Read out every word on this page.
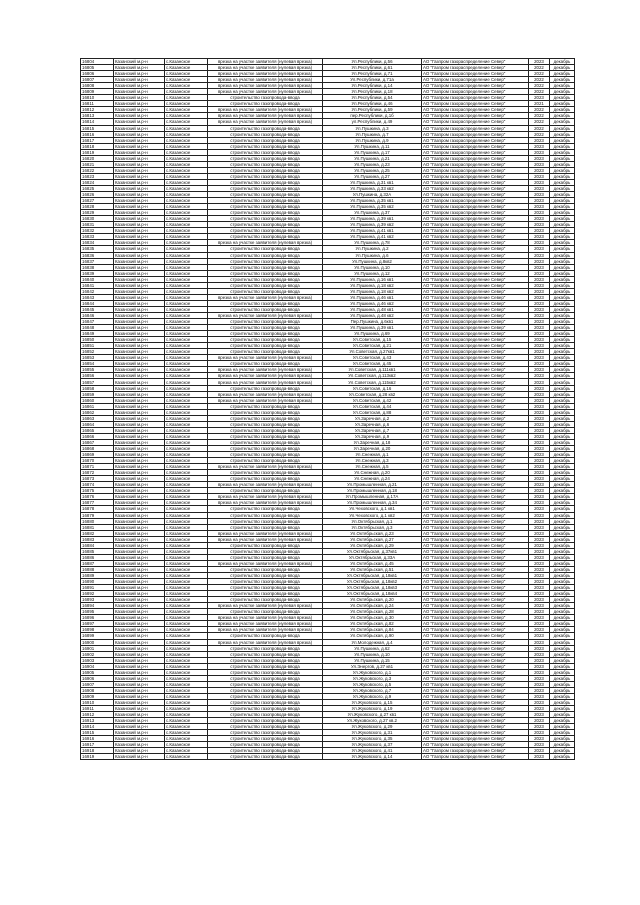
16804	Казанский м.р-н	с.Казанское	врезка на участке заявителя (нулевая врезка)	Ул.Республики, д.56	АО "Газпром газораспределение Север"	2023	декабрь
16805	Казанский м.р-н	с.Казанское	врезка на участке заявителя (нулевая врезка)	Ул.Республики, д.61	АО "Газпром газораспределение Север"	2022	декабрь
16806	Казанский м.р-н	с.Казанское	врезка на участке заявителя (нулевая врезка)	Ул.Республики, д.71	АО "Газпром газораспределение Север"	2022	декабрь
16807	Казанский м.р-н	с.Казанское	врезка на участке заявителя (нулевая врезка)	Ул.Республики, д.71а	АО "Газпром газораспределение Север"	2022	декабрь
16808	Казанский м.р-н	с.Казанское	врезка на участке заявителя (нулевая врезка)	Ул.Республики, д.14	АО "Газпром газораспределение Север"	2022	декабрь
16809	Казанский м.р-н	с.Казанское	врезка на участке заявителя (нулевая врезка)	Ул.Республики, д.18	АО "Газпром газораспределение Север"	2022	декабрь
16810	Казанский м.р-н	с.Казанское	строительство газопровода-ввода	Ул.Республики, д.54	АО "Газпром газораспределение Север"	2023	декабрь
16811	Казанский м.р-н	с.Казанское	строительство газопровода-ввода	Ул.Республики, д.46	АО "Газпром газораспределение Север"	2021	декабрь
16812	Казанский м.р-н	с.Казанское	врезка на участке заявителя (нулевая врезка)	Ул.Республики, д.59	АО "Газпром газораспределение Север"	2022	декабрь
16813	Казанский м.р-н	с.Казанское	врезка на участке заявителя (нулевая врезка)	пер.Республики, д.1б	АО "Газпром газораспределение Север"	2022	декабрь
16814	Казанский м.р-н	с.Казанское	врезка на участке заявителя (нулевая врезка)	ул.Республики, д.49	АО "Газпром газораспределение Север"	2022	декабрь
16815	Казанский м.р-н	с.Казанское	строительство газопровода-ввода	Ул.Пушкина, д.3	АО "Газпром газораспределение Север"	2022	декабрь
16816	Казанский м.р-н	с.Казанское	строительство газопровода-ввода	Ул.Пушкина, д.7	АО "Газпром газораспределение Север"	2022	декабрь
16817	Казанский м.р-н	с.Казанское	строительство газопровода-ввода	Ул.Пушкина, д.9	АО "Газпром газораспределение Север"	2023	декабрь
16818	Казанский м.р-н	с.Казанское	строительство газопровода-ввода	Ул.Пушкина, д.11	АО "Газпром газораспределение Север"	2023	декабрь
16819	Казанский м.р-н	с.Казанское	строительство газопровода-ввода	Ул.Пушкина, д.17	АО "Газпром газораспределение Север"	2023	декабрь
16820	Казанский м.р-н	с.Казанское	строительство газопровода-ввода	Ул.Пушкина, д.21	АО "Газпром газораспределение Север"	2023	декабрь
16821	Казанский м.р-н	с.Казанское	строительство газопровода-ввода	Ул.Пушкина, д.23	АО "Газпром газораспределение Север"	2023	декабрь
16822	Казанский м.р-н	с.Казанское	строительство газопровода-ввода	Ул.Пушкина, д.25	АО "Газпром газораспределение Север"	2023	декабрь
16823	Казанский м.р-н	с.Казанское	строительство газопровода-ввода	Ул.Пушкина, д.27	АО "Газпром газораспределение Север"	2023	декабрь
16824	Казанский м.р-н	с.Казанское	строительство газопровода-ввода	Ул.Пушкина, д.31 кв1	АО "Газпром газораспределение Север"	2023	декабрь
16825	Казанский м.р-н	с.Казанское	строительство газопровода-ввода	Ул.Пушкина, д.33 кв2	АО "Газпром газораспределение Север"	2023	декабрь
16826	Казанский м.р-н	с.Казанское	строительство газопровода-ввода	Ул.Пушкина, д.32А	АО "Газпром газораспределение Север"	2023	декабрь
16827	Казанский м.р-н	с.Казанское	строительство газопровода-ввода	Ул.Пушкина, д.35 кв1	АО "Газпром газораспределение Север"	2023	декабрь
16828	Казанский м.р-н	с.Казанское	строительство газопровода-ввода	Ул.Пушкина, д.35 кв2	АО "Газпром газораспределение Север"	2023	декабрь
16829	Казанский м.р-н	с.Казанское	строительство газопровода-ввода	Ул.Пушкина, д.37	АО "Газпром газораспределение Север"	2023	декабрь
16830	Казанский м.р-н	с.Казанское	строительство газопровода-ввода	Ул.Пушкина, д.39 кв1	АО "Газпром газораспределение Север"	2023	декабрь
16831	Казанский м.р-н	с.Казанское	строительство газопровода-ввода	Ул.Пушкина, д.39 кв2	АО "Газпром газораспределение Север"	2023	декабрь
16832	Казанский м.р-н	с.Казанское	строительство газопровода-ввода	Ул.Пушкина, д.41 кв1	АО "Газпром газораспределение Север"	2023	декабрь
16833	Казанский м.р-н	с.Казанское	строительство газопровода-ввода	Ул.Пушкина, д.41 кв2	АО "Газпром газораспределение Север"	2023	декабрь
16834	Казанский м.р-н	с.Казанское	врезка на участке заявителя (нулевая врезка)	Ул.Пушкина, д.78	АО "Газпром газораспределение Север"	2023	декабрь
16835	Казанский м.р-н	с.Казанское	строительство газопровода-ввода	Ул.Пушкина, д.2	АО "Газпром газораспределение Север"	2023	декабрь
16836	Казанский м.р-н	с.Казанское	строительство газопровода-ввода	Ул.Пушкина, д.6	АО "Газпром газораспределение Север"	2023	декабрь
16837	Казанский м.р-н	с.Казанское	строительство газопровода-ввода	Ул.Пушкина, д.8кв2	АО "Газпром газораспределение Север"	2023	декабрь
16838	Казанский м.р-н	с.Казанское	строительство газопровода-ввода	Ул.Пушкина, д.10	АО "Газпром газораспределение Север"	2023	декабрь
16839	Казанский м.р-н	с.Казанское	строительство газопровода-ввода	Ул.Пушкина, д.12	АО "Газпром газораспределение Север"	2023	декабрь
16840	Казанский м.р-н	с.Казанское	строительство газопровода-ввода	Ул.Пушкина, д.16 кв1	АО "Газпром газораспределение Север"	2023	декабрь
16841	Казанский м.р-н	с.Казанское	строительство газопровода-ввода	Ул.Пушкина, д.18 кв2	АО "Газпром газораспределение Север"	2023	декабрь
16842	Казанский м.р-н	с.Казанское	строительство газопровода-ввода	Ул.Пушкина, д.18 кв2	АО "Газпром газораспределение Север"	2023	декабрь
16843	Казанский м.р-н	с.Казанское	врезка на участке заявителя (нулевая врезка)	Ул.Пушкина, д.46 кв1	АО "Газпром газораспределение Север"	2023	декабрь
16844	Казанский м.р-н	с.Казанское	строительство газопровода-ввода	Ул.Пушкина, д.46 кв2	АО "Газпром газораспределение Север"	2023	декабрь
16845	Казанский м.р-н	с.Казанское	строительство газопровода-ввода	Ул.Пушкина, д.48 кв1	АО "Газпром газораспределение Север"	2023	декабрь
16846	Казанский м.р-н	с.Казанское	врезка на участке заявителя (нулевая врезка)	Ул.Пушкина, д.48 кв2	АО "Газпром газораспределение Север"	2023	декабрь
16847	Казанский м.р-н	с.Казанское	строительство газопровода-ввода	Пер.Пушкина, д.6кв1	АО "Газпром газораспределение Север"	2023	декабрь
16848	Казанский м.р-н	с.Казанское	строительство газопровода-ввода	Ул.Пушкина, д.39 кв1	АО "Газпром газораспределение Север"	2023	декабрь
16849	Казанский м.р-н	с.Казанское	строительство газопровода-ввода	Ул.Пушкина, д.69	АО "Газпром газораспределение Север"	2023	декабрь
16850	Казанский м.р-н	с.Казанское	строительство газопровода-ввода	Ул.Советская, д.15	АО "Газпром газораспределение Север"	2023	декабрь
16851	Казанский м.р-н	с.Казанское	строительство газопровода-ввода	Ул.Советская, д.21	АО "Газпром газораспределение Север"	2023	декабрь
16852	Казанский м.р-н	с.Казанское	строительство газопровода-ввода	Ул.Советская, д.27кв1	АО "Газпром газораспределение Север"	2023	декабрь
16853	Казанский м.р-н	с.Казанское	врезка на участке заявителя (нулевая врезка)	Ул.Советская, д.43	АО "Газпром газораспределение Север"	2023	декабрь
16854	Казанский м.р-н	с.Казанское	строительство газопровода-ввода	Ул.Советская, д.45	АО "Газпром газораспределение Север"	2023	декабрь
16855	Казанский м.р-н	с.Казанское	врезка на участке заявителя (нулевая врезка)	Ул.Советская, д.111кв1	АО "Газпром газораспределение Север"	2023	декабрь
16856	Казанский м.р-н	с.Казанское	врезка на участке заявителя (нулевая врезка)	Ул.Советская, д.113кв2	АО "Газпром газораспределение Север"	2023	декабрь
16857	Казанский м.р-н	с.Казанское	врезка на участке заявителя (нулевая врезка)	Ул.Советская, д.115кв2	АО "Газпром газораспределение Север"	2023	декабрь
16858	Казанский м.р-н	с.Казанское	строительство газопровода-ввода	Ул.Советская, д.16	АО "Газпром газораспределение Север"	2023	декабрь
16859	Казанский м.р-н	с.Казанское	врезка на участке заявителя (нулевая врезка)	Ул.Советская, д.28 кв2	АО "Газпром газораспределение Север"	2023	декабрь
16860	Казанский м.р-н	с.Казанское	врезка на участке заявителя (нулевая врезка)	Ул.Советская, д.42	АО "Газпром газораспределение Север"	2023	декабрь
16861	Казанский м.р-н	с.Казанское	строительство газопровода-ввода	Ул.Советская, д.44	АО "Газпром газораспределение Север"	2023	декабрь
16862	Казанский м.р-н	с.Казанское	строительство газопровода-ввода	Ул.Советская, д.88	АО "Газпром газораспределение Север"	2023	декабрь
16863	Казанский м.р-н	с.Казанское	строительство газопровода-ввода	Ул.Заречная, д.2	АО "Газпром газораспределение Север"	2023	декабрь
16864	Казанский м.р-н	с.Казанское	строительство газопровода-ввода	Ул.Заречная, д.6	АО "Газпром газораспределение Север"	2023	декабрь
16865	Казанский м.р-н	с.Казанское	строительство газопровода-ввода	Ул.Заречная, д.7	АО "Газпром газораспределение Север"	2023	декабрь
16866	Казанский м.р-н	с.Казанское	строительство газопровода-ввода	Ул.Заречная, д.9	АО "Газпром газораспределение Север"	2023	декабрь
16867	Казанский м.р-н	с.Казанское	строительство газопровода-ввода	Ул.Заречная, д.18	АО "Газпром газораспределение Север"	2023	декабрь
16868	Казанский м.р-н	с.Казанское	строительство газопровода-ввода	Ул.Заречная, д.20	АО "Газпром газораспределение Север"	2023	декабрь
16869	Казанский м.р-н	с.Казанское	строительство газопровода-ввода	Ул.Снежная, д.1	АО "Газпром газораспределение Север"	2023	декабрь
16870	Казанский м.р-н	с.Казанское	строительство газопровода-ввода	Ул.Снежная, д.3	АО "Газпром газораспределение Север"	2023	декабрь
16871	Казанский м.р-н	с.Казанское	врезка на участке заявителя (нулевая врезка)	Ул.Снежная, д.5	АО "Газпром газораспределение Север"	2023	декабрь
16872	Казанский м.р-н	с.Казанское	строительство газопровода-ввода	Ул.Снежная, д.20	АО "Газпром газораспределение Север"	2023	декабрь
16873	Казанский м.р-н	с.Казанское	строительство газопровода-ввода	Ул.Снежная, д.24	АО "Газпром газораспределение Север"	2023	декабрь
16874	Казанский м.р-н	с.Казанское	врезка на участке заявителя (нулевая врезка)	Ул.Промышленная, д.21	АО "Газпром газораспределение Север"	2023	декабрь
16875	Казанский м.р-н	с.Казанское	строительство газопровода-ввода	Ул.Промышленная, д.18	АО "Газпром газораспределение Север"	2023	декабрь
16876	Казанский м.р-н	с.Казанское	врезка на участке заявителя (нулевая врезка)	Ул.Промышленная, д.17А	АО "Газпром газораспределение Север"	2023	декабрь
16877	Казанский м.р-н	с.Казанское	врезка на участке заявителя (нулевая врезка)	Ул.Промышленная, д.34	АО "Газпром газораспределение Север"	2023	декабрь
16878	Казанский м.р-н	с.Казанское	строительство газопровода-ввода	Ул.Чеховского, д.1 кв1	АО "Газпром газораспределение Север"	2023	декабрь
16879	Казанский м.р-н	с.Казанское	строительство газопровода-ввода	Ул.Чеховского, д.1 кв2	АО "Газпром газораспределение Север"	2023	декабрь
16880	Казанский м.р-н	с.Казанское	строительство газопровода-ввода	Ул.Октябрьская, д.1	АО "Газпром газораспределение Север"	2023	декабрь
16881	Казанский м.р-н	с.Казанское	строительство газопровода-ввода	Ул.Октябрьская, д.3	АО "Газпром газораспределение Север"	2023	декабрь
16882	Казанский м.р-н	с.Казанское	врезка на участке заявителя (нулевая врезка)	Ул.Октябрьская, д.23	АО "Газпром газораспределение Север"	2023	декабрь
16883	Казанский м.р-н	с.Казанское	врезка на участке заявителя (нулевая врезка)	Ул.Октябрьская, д.27	АО "Газпром газораспределение Север"	2023	декабрь
16884	Казанский м.р-н	с.Казанское	строительство газопровода-ввода	Ул.Октябрьская, д.29	АО "Газпром газораспределение Север"	2023	декабрь
16885	Казанский м.р-н	с.Казанское	строительство газопровода-ввода	Ул.Октябрьская, д.37кв1	АО "Газпром газораспределение Север"	2023	декабрь
16886	Казанский м.р-н	с.Казанское	строительство газопровода-ввода	Ул.Октябрьская, д.33А	АО "Газпром газораспределение Север"	2023	декабрь
16887	Казанский м.р-н	с.Казанское	врезка на участке заявителя (нулевая врезка)	Ул.Октябрьская, д.45	АО "Газпром газораспределение Север"	2023	декабрь
16888	Казанский м.р-н	с.Казанское	строительство газопровода-ввода	Ул.Октябрьская, д.51	АО "Газпром газораспределение Север"	2023	декабрь
16889	Казанский м.р-н	с.Казанское	строительство газопровода-ввода	Ул.Октябрьская, д.18кв1	АО "Газпром газораспределение Север"	2023	декабрь
16890	Казанский м.р-н	с.Казанское	строительство газопровода-ввода	Ул.Октябрьская, д.18кв2	АО "Газпром газораспределение Север"	2023	декабрь
16891	Казанский м.р-н	с.Казанское	строительство газопровода-ввода	Ул.Октябрьская, д.18кв3	АО "Газпром газораспределение Север"	2023	декабрь
16892	Казанский м.р-н	с.Казанское	строительство газопровода-ввода	Ул.Октябрьская, д.18кв4	АО "Газпром газораспределение Север"	2023	декабрь
16893	Казанский м.р-н	с.Казанское	строительство газопровода-ввода	Ул.Октябрьская, д.20	АО "Газпром газораспределение Север"	2023	декабрь
16894	Казанский м.р-н	с.Казанское	врезка на участке заявителя (нулевая врезка)	Ул.Октябрьская, д.24	АО "Газпром газораспределение Север"	2023	декабрь
16895	Казанский м.р-н	с.Казанское	строительство газопровода-ввода	Ул.Октябрьская, д.28	АО "Газпром газораспределение Север"	2023	декабрь
16896	Казанский м.р-н	с.Казанское	врезка на участке заявителя (нулевая врезка)	Ул.Октябрьская, д.30	АО "Газпром газораспределение Север"	2023	декабрь
16897	Казанский м.р-н	с.Казанское	врезка на участке заявителя (нулевая врезка)	Ул.Октябрьская, д.82	АО "Газпром газораспределение Север"	2023	декабрь
16898	Казанский м.р-н	с.Казанское	врезка на участке заявителя (нулевая врезка)	Ул.Октябрьская, д.84	АО "Газпром газораспределение Север"	2023	декабрь
16899	Казанский м.р-н	с.Казанское	строительство газопровода-ввода	Ул.Октябрьская, д.90	АО "Газпром газораспределение Север"	2023	декабрь
16900	Казанский м.р-н	с.Казанское	врезка на участке заявителя (нулевая врезка)	Ул.Молодежная, д.4	АО "Газпром газораспределение Север"	2023	декабрь
16901	Казанский м.р-н	с.Казанское	строительство газопровода-ввода	Ул.Пушкина, д.62	АО "Газпром газораспределение Север"	2023	декабрь
16902	Казанский м.р-н	с.Казанское	строительство газопровода-ввода	Ул.Пушкина, д.10	АО "Газпром газораспределение Север"	2023	декабрь
16903	Казанский м.р-н	с.Казанское	строительство газопровода-ввода	Ул.Пушкина, д.15	АО "Газпром газораспределение Север"	2023	декабрь
16904	Казанский м.р-н	с.Казанское	строительство газопровода-ввода	Ул.Энергов, д.27 кв1	АО "Газпром газораспределение Север"	2023	декабрь
16905	Казанский м.р-н	с.Казанское	строительство газопровода-ввода	Ул.Жуковского, д.1	АО "Газпром газораспределение Север"	2023	декабрь
16906	Казанский м.р-н	с.Казанское	строительство газопровода-ввода	Ул.Жуковского, д.3	АО "Газпром газораспределение Север"	2023	декабрь
16907	Казанский м.р-н	с.Казанское	строительство газопровода-ввода	Ул.Жуковского, д.5	АО "Газпром газораспределение Север"	2023	декабрь
16908	Казанский м.р-н	с.Казанское	строительство газопровода-ввода	Ул.Жуковского, д.7	АО "Газпром газораспределение Север"	2023	декабрь
16909	Казанский м.р-н	с.Казанское	строительство газопровода-ввода	Ул.Жуковского, д.9	АО "Газпром газораспределение Север"	2023	декабрь
16910	Казанский м.р-н	с.Казанское	строительство газопровода-ввода	Ул.Жуковского, д.15	АО "Газпром газораспределение Север"	2023	декабрь
16911	Казанский м.р-н	с.Казанское	строительство газопровода-ввода	Ул.Жуковского, д.19	АО "Газпром газораспределение Север"	2023	декабрь
16912	Казанский м.р-н	с.Казанское	строительство газопровода-ввода	Ул.Жуковского, д.27 кв1	АО "Газпром газораспределение Север"	2023	декабрь
16913	Казанский м.р-н	с.Казанское	строительство газопровода-ввода	Ул.Жуковского, д.27 кв.2	АО "Газпром газораспределение Север"	2023	декабрь
16914	Казанский м.р-н	с.Казанское	строительство газопровода-ввода	Ул.Жуковского, д.29	АО "Газпром газораспределение Север"	2023	декабрь
16915	Казанский м.р-н	с.Казанское	строительство газопровода-ввода	Ул.Жуковского, д.31	АО "Газпром газораспределение Север"	2023	декабрь
16916	Казанский м.р-н	с.Казанское	строительство газопровода-ввода	Ул.Жуковского, д.35	АО "Газпром газораспределение Север"	2023	декабрь
16917	Казанский м.р-н	с.Казанское	строительство газопровода-ввода	Ул.Жуковского, д.37	АО "Газпром газораспределение Север"	2023	декабрь
16918	Казанский м.р-н	с.Казанское	строительство газопровода-ввода	Ул.Жуковского, д.41	АО "Газпром газораспределение Север"	2023	декабрь
16919	Казанский м.р-н	с.Казанское	строительство газопровода-ввода	Ул.Жуковского, д.14	АО "Газпром газораспределение Север"	2023	декабрь
